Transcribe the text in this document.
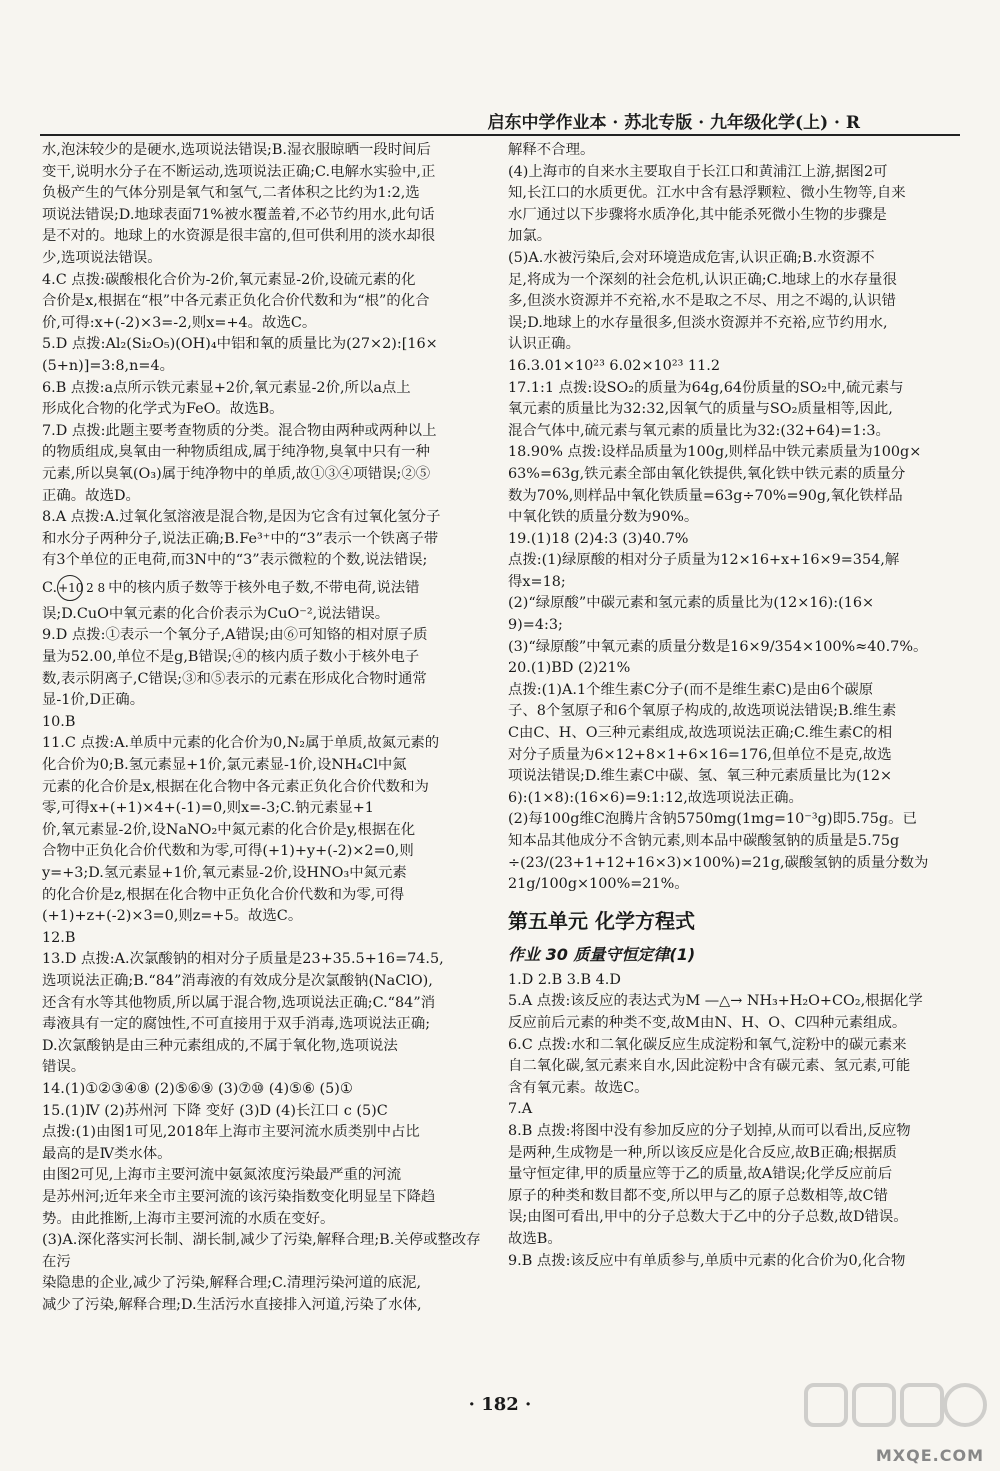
启东中学作业本 · 苏北专版 · 九年级化学(上) · R
水,泡沫较少的是硬水,选项说法错误;B.湿衣服晾晒一段时间后
变干,说明水分子在不断运动,选项说法正确;C.电解水实验中,正
负极产生的气体分别是氧气和氢气,二者体积之比约为1:2,选
项说法错误;D.地球表面71%被水覆盖着,不必节约用水,此句话
是不对的。地球上的水资源是很丰富的,但可供利用的淡水却很
少,选项说法错误。
4.C 点拨:碳酸根化合价为-2价,氧元素显-2价,设硫元素的化
合价是x,根据在“根”中各元素正负化合价代数和为“根”的化合
价,可得:x+(-2)×3=-2,则x=+4。故选C。
5.D 点拨:Al₂(Si₂O₅)(OH)₄中铝和氧的质量比为(27×2):[16×
(5+n)]=3:8,n=4。
6.B 点拨:a点所示铁元素显+2价,氧元素显-2价,所以a点上
形成化合物的化学式为FeO。故选B。
7.D 点拨:此题主要考查物质的分类。混合物由两种或两种以上
的物质组成,臭氧由一种物质组成,属于纯净物,臭氧中只有一种
元素,所以臭氧(O₃)属于纯净物中的单质,故①③④项错误;②⑤
正确。故选D。
8.A 点拨:A.过氧化氢溶液是混合物,是因为它含有过氧化氢分子
和水分子两种分子,说法正确;B.Fe³⁺中的“3”表示一个铁离子带
有3个单位的正电荷,而3N中的“3”表示微粒的个数,说法错误;
C.+10 2 8 中的核内质子数等于核外电子数,不带电荷,说法错
误;D.CuO中氧元素的化合价表示为CuO⁻²,说法错误。
9.D 点拨:①表示一个氧分子,A错误;由⑥可知铬的相对原子质
量为52.00,单位不是g,B错误;④的核内质子数小于核外电子
数,表示阴离子,C错误;③和⑤表示的元素在形成化合物时通常
显-1价,D正确。
10.B
11.C 点拨:A.单质中元素的化合价为0,N₂属于单质,故氮元素的
化合价为0;B.氢元素显+1价,氯元素显-1价,设NH₄Cl中氮
元素的化合价是x,根据在化合物中各元素正负化合价代数和为
零,可得x+(+1)×4+(-1)=0,则x=-3;C.钠元素显+1
价,氧元素显-2价,设NaNO₂中氮元素的化合价是y,根据在化
合物中正负化合价代数和为零,可得(+1)+y+(-2)×2=0,则
y=+3;D.氢元素显+1价,氧元素显-2价,设HNO₃中氮元素
的化合价是z,根据在化合物中正负化合价代数和为零,可得
(+1)+z+(-2)×3=0,则z=+5。故选C。
12.B
13.D 点拨:A.次氯酸钠的相对分子质量是23+35.5+16=74.5,
选项说法正确;B.“84”消毒液的有效成分是次氯酸钠(NaClO),
还含有水等其他物质,所以属于混合物,选项说法正确;C.“84”消
毒液具有一定的腐蚀性,不可直接用于双手消毒,选项说法正确;
D.次氯酸钠是由三种元素组成的,不属于氧化物,选项说法
错误。
14.(1)①②③④⑧ (2)⑤⑥⑨ (3)⑦⑩ (4)⑤⑥ (5)①
15.(1)Ⅳ (2)苏州河 下降 变好 (3)D (4)长江口 c (5)C
点拨:(1)由图1可见,2018年上海市主要河流水质类别中占比
最高的是Ⅳ类水体。
由图2可见,上海市主要河流中氨氮浓度污染最严重的河流
是苏州河;近年来全市主要河流的该污染指数变化明显呈下降趋
势。由此推断,上海市主要河流的水质在变好。
(3)A.深化落实河长制、湖长制,减少了污染,解释合理;B.关停或整改存在污
染隐患的企业,减少了污染,解释合理;C.清理污染河道的底泥,
减少了污染,解释合理;D.生活污水直接排入河道,污染了水体,
解释不合理。
(4)上海市的自来水主要取自于长江口和黄浦江上游,据图2可
知,长江口的水质更优。江水中含有悬浮颗粒、微小生物等,自来
水厂通过以下步骤将水质净化,其中能杀死微小生物的步骤是
加氯。
(5)A.水被污染后,会对环境造成危害,认识正确;B.水资源不
足,将成为一个深刻的社会危机,认识正确;C.地球上的水存量很
多,但淡水资源并不充裕,水不是取之不尽、用之不竭的,认识错
误;D.地球上的水存量很多,但淡水资源并不充裕,应节约用水,
认识正确。
16.3.01×10²³ 6.02×10²³ 11.2
17.1:1 点拨:设SO₂的质量为64g,64份质量的SO₂中,硫元素与
氧元素的质量比为32:32,因氧气的质量与SO₂质量相等,因此,
混合气体中,硫元素与氧元素的质量比为32:(32+64)=1:3。
18.90% 点拨:设样品质量为100g,则样品中铁元素质量为100g×
63%=63g,铁元素全部由氧化铁提供,氧化铁中铁元素的质量分
数为70%,则样品中氧化铁质量=63g÷70%=90g,氧化铁样品
中氧化铁的质量分数为90%。
19.(1)18 (2)4:3 (3)40.7%
点拨:(1)绿原酸的相对分子质量为12×16+x+16×9=354,解
得x=18;
(2)“绿原酸”中碳元素和氢元素的质量比为(12×16):(16×
9)=4:3;
(3)“绿原酸”中氧元素的质量分数是16×9/354×100%≈40.7%。
20.(1)BD (2)21%
点拨:(1)A.1个维生素C分子(而不是维生素C)是由6个碳原
子、8个氢原子和6个氧原子构成的,故选项说法错误;B.维生素
C由C、H、O三种元素组成,故选项说法正确;C.维生素C的相
对分子质量为6×12+8×1+6×16=176,但单位不是克,故选
项说法错误;D.维生素C中碳、氢、氧三种元素质量比为(12×
6):(1×8):(16×6)=9:1:12,故选项说法正确。
(2)每100g维C泡腾片含钠5750mg(1mg=10⁻³g)即5.75g。已
知本品其他成分不含钠元素,则本品中碳酸氢钠的质量是5.75g
÷(23/(23+1+12+16×3)×100%)=21g,碳酸氢钠的质量分数为
21g/100g×100%=21%。
第五单元 化学方程式
作业 30 质量守恒定律(1)
1.D 2.B 3.B 4.D
5.A 点拨:该反应的表达式为M —△→ NH₃+H₂O+CO₂,根据化学
反应前后元素的种类不变,故M由N、H、O、C四种元素组成。
6.C 点拨:水和二氧化碳反应生成淀粉和氧气,淀粉中的碳元素来
自二氧化碳,氢元素来自水,因此淀粉中含有碳元素、氢元素,可能
含有氧元素。故选C。
7.A
8.B 点拨:将图中没有参加反应的分子划掉,从而可以看出,反应物
是两种,生成物是一种,所以该反应是化合反应,故B正确;根据质
量守恒定律,甲的质量应等于乙的质量,故A错误;化学反应前后
原子的种类和数目都不变,所以甲与乙的原子总数相等,故C错
误;由图可看出,甲中的分子总数大于乙中的分子总数,故D错误。
故选B。
9.B 点拨:该反应中有单质参与,单质中元素的化合价为0,化合物
· 182 ·
MXQE.COM
